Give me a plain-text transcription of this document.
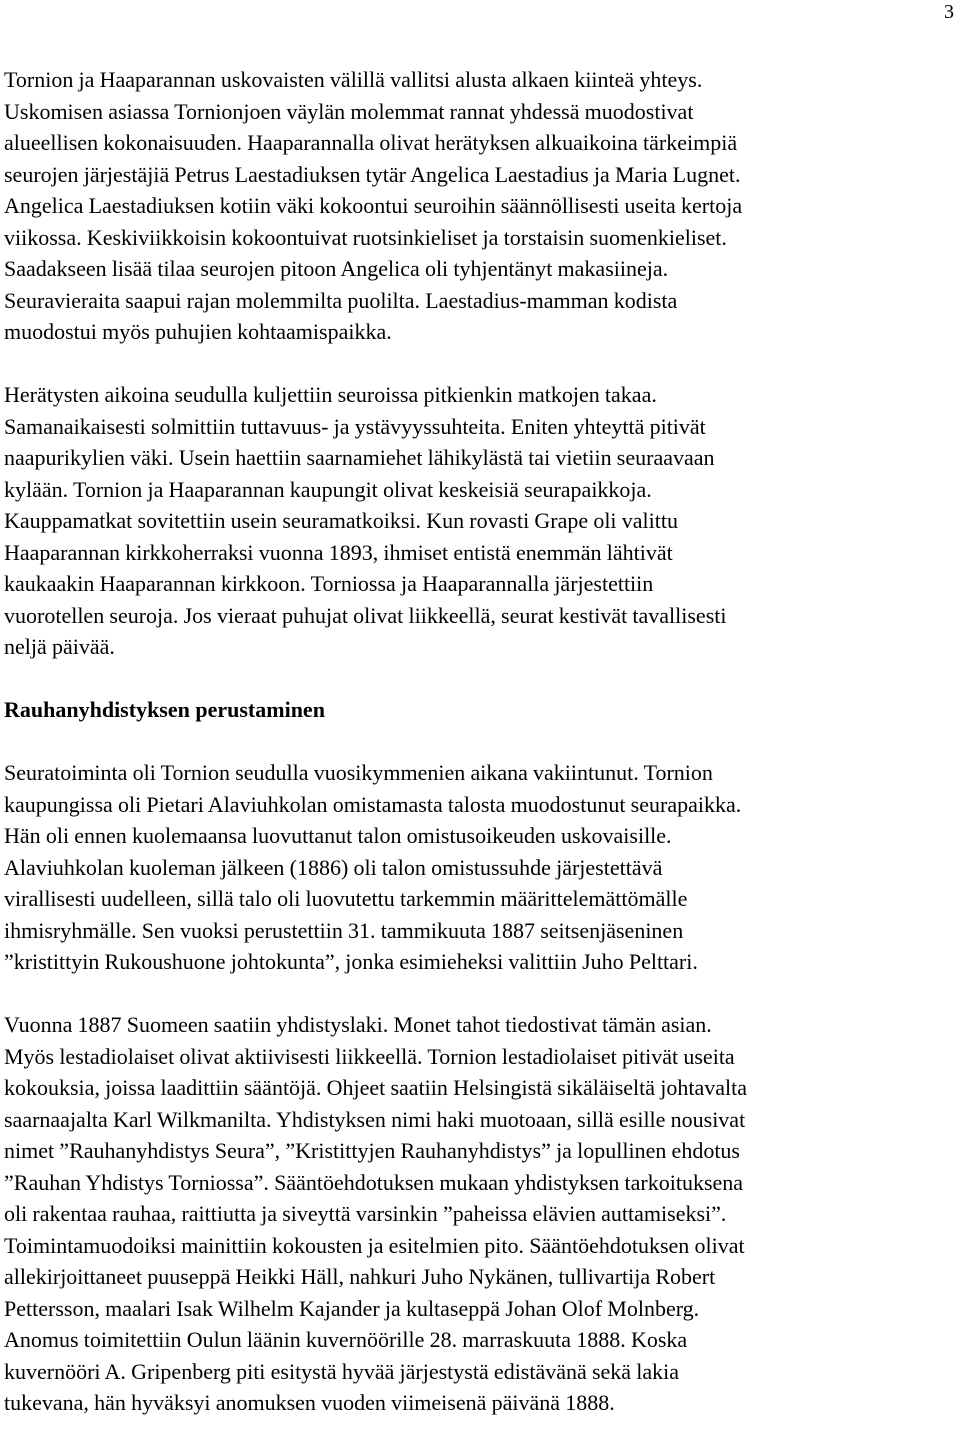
3

Tornion ja Haaparannan uskovaisten välillä vallitsi alusta alkaen kiinteä yhteys.
Uskomisen asiassa Tornionjoen väylän molemmat rannat yhdessä muodostivat
alueellisen kokonaisuuden. Haaparannalla olivat herätyksen alkuaikoina tärkeimpiä
seurojen järjestäjiä Petrus Laestadiuksen tytär Angelica Laestadius ja Maria Lugnet.
Angelica Laestadiuksen kotiin väki kokoontui seuroihin säännöllisesti useita kertoja
viikossa. Keskiviikkoisin kokoontuivat ruotsinkieliset ja torstaisin suomenkieliset.
Saadakseen lisää tilaa seurojen pitoon Angelica oli tyhjentänyt makasiineja.
Seuravieraita saapui rajan molemmilta puolilta. Laestadius-mamman kodista
muodostui myös puhujien kohtaamispaikka.

Herätysten aikoina seudulla kuljettiin seuroissa pitkienkin matkojen takaa.
Samanaikaisesti solmittiin tuttavuus- ja ystävyyssuhteita. Eniten yhteyttä pitivät
naapurikylien väki. Usein haettiin saarnamiehet lähikylästä tai vietiin seuraavaan
kylään. Tornion ja Haaparannan kaupungit olivat keskeisiä seurapaikkoja.
Kauppamatkat sovitettiin usein seuramatkoiksi. Kun rovasti Grape oli valittu
Haaparannan kirkkoherraksi vuonna 1893, ihmiset entistä enemmän lähtivät
kaukaakin Haaparannan kirkkoon. Torniossa ja Haaparannalla järjestettiin
vuorotellen seuroja. Jos vieraat puhujat olivat liikkeellä, seurat kestivät tavallisesti
neljä päivää.

Rauhanyhdistyksen perustaminen

Seuratoiminta oli Tornion seudulla vuosikymmenien aikana vakiintunut. Tornion
kaupungissa oli Pietari Alaviuhkolan omistamasta talosta muodostunut seurapaikka.
Hän oli ennen kuolemaansa luovuttanut talon omistusoikeuden uskovaisille.
Alaviuhkolan kuoleman jälkeen (1886) oli talon omistussuhde järjestettävä
virallisesti uudelleen, sillä talo oli luovutettu tarkemmin määrittelemättömälle
ihmisryhmälle. Sen vuoksi perustettiin 31. tammikuuta 1887 seitsenjäseninen
”kristittyin Rukoushuone johtokunta”, jonka esimieheksi valittiin Juho Pelttari.

Vuonna 1887 Suomeen saatiin yhdistyslaki. Monet tahot tiedostivat tämän asian.
Myös lestadiolaiset olivat aktiivisesti liikkeellä. Tornion lestadiolaiset pitivät useita
kokouksia, joissa laadittiin sääntöjä. Ohjeet saatiin Helsingistä sikäläiseltä johtavalta
saarnaajalta Karl Wilkmanilta. Yhdistyksen nimi haki muotoaan, sillä esille nousivat
nimet ”Rauhanyhdistys Seura”, ”Kristittyjen Rauhanyhdistys” ja lopullinen ehdotus
”Rauhan Yhdistys Torniossa”. Sääntöehdotuksen mukaan yhdistyksen tarkoituksena
oli rakentaa rauhaa, raittiutta ja siveyttä varsinkin ”paheissa elävien auttamiseksi”.
Toimintamuodoiksi mainittiin kokousten ja esitelmien pito. Sääntöehdotuksen olivat
allekirjoittaneet puuseppä Heikki Häll, nahkuri Juho Nykänen, tullivartija Robert
Pettersson, maalari Isak Wilhelm Kajander ja kultaseppä Johan Olof Molnberg.
Anomus toimitettiin Oulun läänin kuvernöörille 28. marraskuuta 1888. Koska
kuvernööri A. Gripenberg piti esitystä hyvää järjestystä edistävänä sekä lakia
tukevana, hän hyväksyi anomuksen vuoden viimeisenä päivänä 1888.
